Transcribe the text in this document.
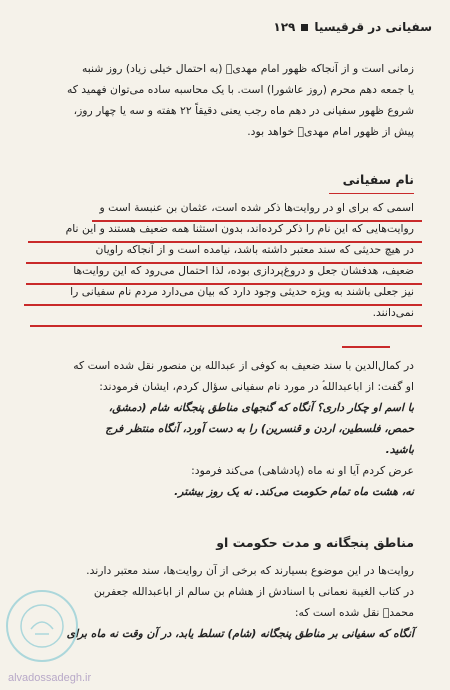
سفیانی در قرقیسیا
۱۲۹

زمانی است و از آنجاکه ظهور امام مهدیؑ (به احتمال خیلی زیاد) روز شنبه

یا جمعه دهم محرم (روز عاشورا) است. با یک محاسبه ساده می‌توان فهمید که

شروع ظهور سفیانی در دهم ماه رجب یعنی دقیقاً ۲۲ هفته و سه یا چهار روز،

پیش از ظهور امام مهدیؑ خواهد بود.

نام سفیانی

اسمی که برای او در روایت‌ها ذکر شده است، عثمان بن عنبسة است و

روایت‌هایی که این نام را ذکر کرده‌اند، بدون استثنا همه ضعیف هستند و این نام

در هیچ حدیثی که سند معتبر داشته باشد، نیامده است و از آنجاکه راویان

ضعیف، هدفشان جعل و دروغ‌پردازی بوده، لذا احتمال می‌رود که این روایت‌ها

نیز جعلی باشند به ویژه حدیثی وجود دارد که بیان می‌دارد مردم نام سفیانی را

نمی‌دانند.

در کمال‌الدین با سند ضعیف به کوفی از عبدالله بن منصور نقل شده است که

او گفت: از اباعبدالله‌ؑ در مورد نام سفیانی سؤال کردم، ایشان فرمودند:

با اسم او چکار داری؟ آنگاه که گنجهای مناطق پنجگانه شام (دمشق،

حمص، فلسطین، اردن و قنسرین) را به دست آورد، آنگاه منتظر فرج

باشید.

عرض کردم آیا او نه ماه (پادشاهی) می‌کند فرمود:

نه، هشت ماه تمام حکومت می‌کند. نه یک روز بیشتر.

مناطق پنجگانه و مدت حکومت او

روایت‌ها در این موضوع بسیارند که برخی از آن روایت‌ها، سند معتبر دارند.

در کتاب الغیبة نعمانی با اسنادش از هشام بن سالم از اباعبدالله جعفربن

محمدؑ نقل شده است که:

آنگاه که سفیانی بر مناطق پنجگانه (شام) تسلط یابد، در آن وقت نه ماه برای

alvadossadegh.ir
